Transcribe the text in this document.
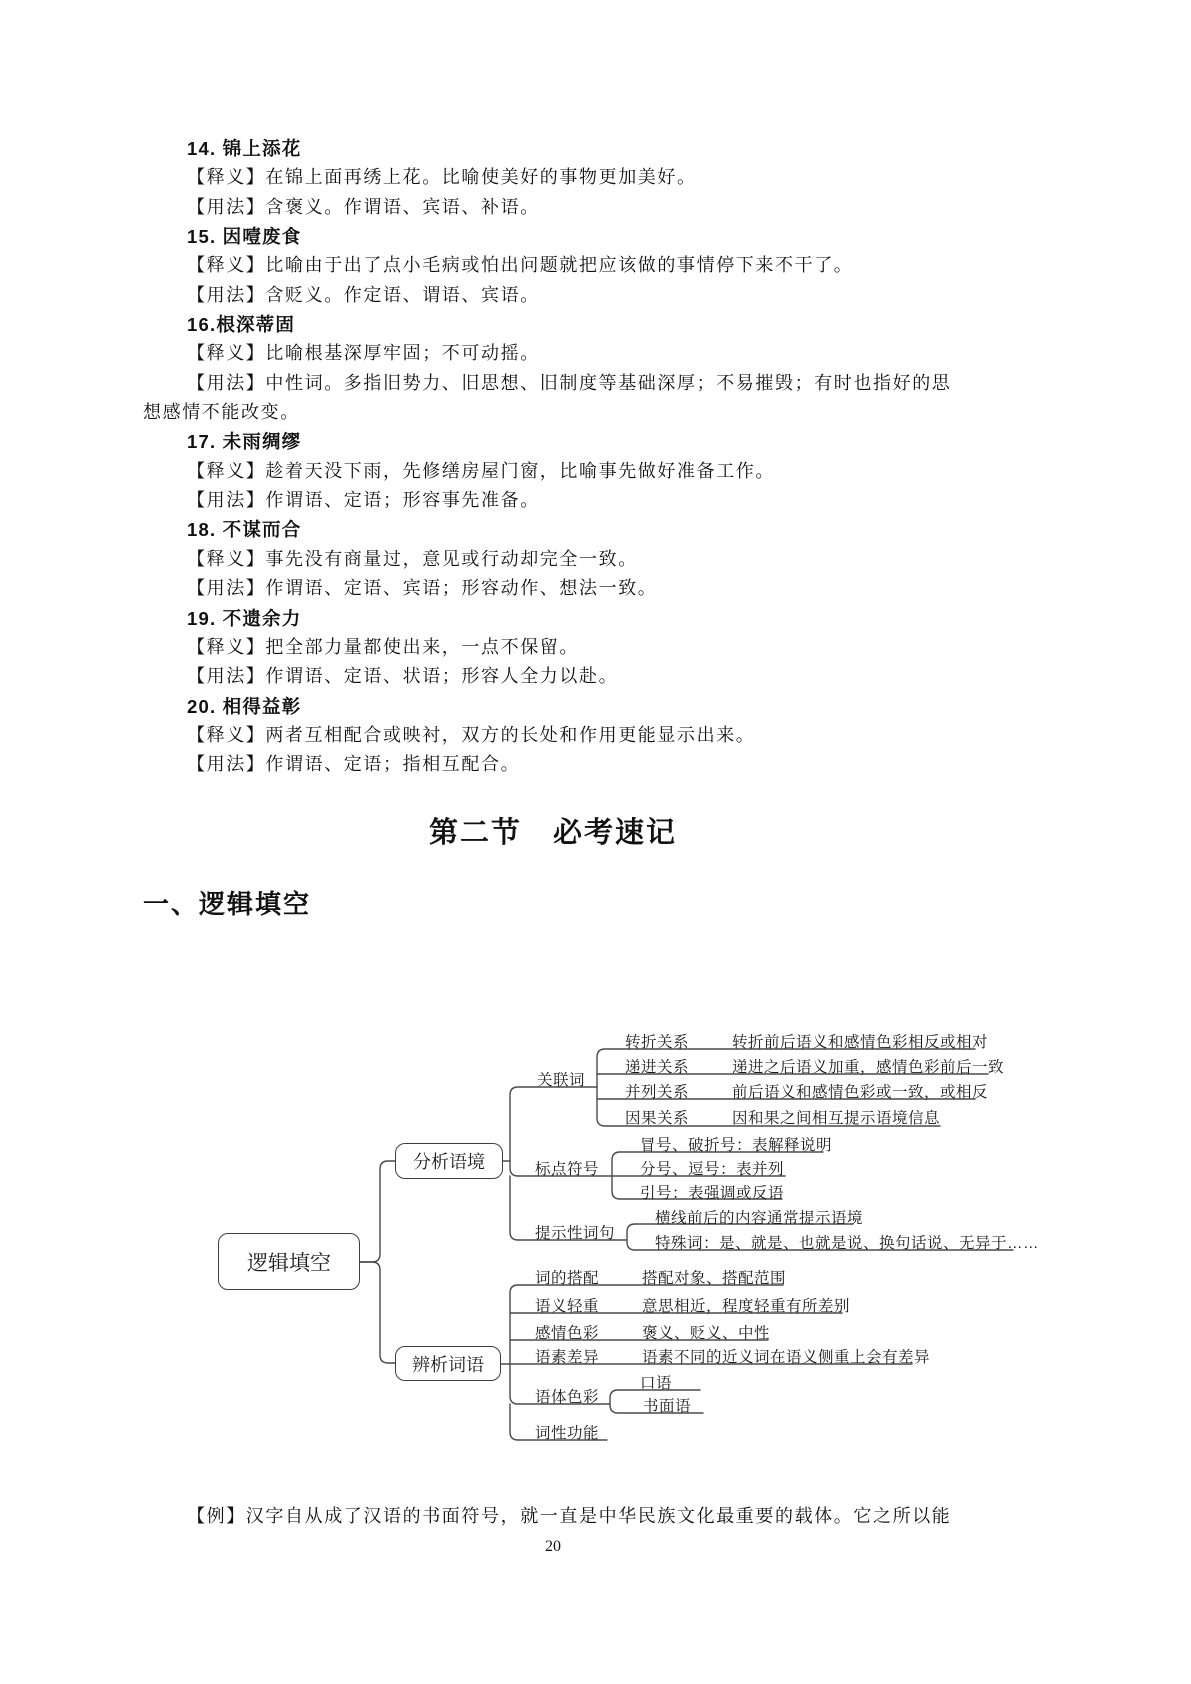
14. 锦上添花
【释义】在锦上面再绣上花。比喻使美好的事物更加美好。
【用法】含褒义。作谓语、宾语、补语。
15. 因噎废食
【释义】比喻由于出了点小毛病或怕出问题就把应该做的事情停下来不干了。
【用法】含贬义。作定语、谓语、宾语。
16.根深蒂固
【释义】比喻根基深厚牢固；不可动摇。
【用法】中性词。多指旧势力、旧思想、旧制度等基础深厚；不易摧毁；有时也指好的思
想感情不能改变。
17. 未雨绸缪
【释义】趁着天没下雨，先修缮房屋门窗，比喻事先做好准备工作。
【用法】作谓语、定语；形容事先准备。
18. 不谋而合
【释义】事先没有商量过，意见或行动却完全一致。
【用法】作谓语、定语、宾语；形容动作、想法一致。
19. 不遗余力
【释义】把全部力量都使出来，一点不保留。
【用法】作谓语、定语、状语；形容人全力以赴。
20. 相得益彰
【释义】两者互相配合或映衬，双方的长处和作用更能显示出来。
【用法】作谓语、定语；指相互配合。
第二节　必考速记
一、逻辑填空
逻辑填空
分析语境
辨析词语
关联词
转折关系	转折前后语义和感情色彩相反或相对
递进关系	递进之后语义加重，感情色彩前后一致
并列关系	前后语义和感情色彩或一致，或相反
因果关系	因和果之间相互提示语境信息
标点符号
冒号、破折号：表解释说明
分号、逗号：表并列
引号：表强调或反语
提示性词句
横线前后的内容通常提示语境
特殊词：是、就是、也就是说、换句话说、无异于……
词的搭配	搭配对象、搭配范围
语义轻重	意思相近，程度轻重有所差别
感情色彩	褒义、贬义、中性
语素差异	语素不同的近义词在语义侧重上会有差异
语体色彩
词性功能
口语
书面语
【例】汉字自从成了汉语的书面符号，就一直是中华民族文化最重要的载体。它之所以能
20
